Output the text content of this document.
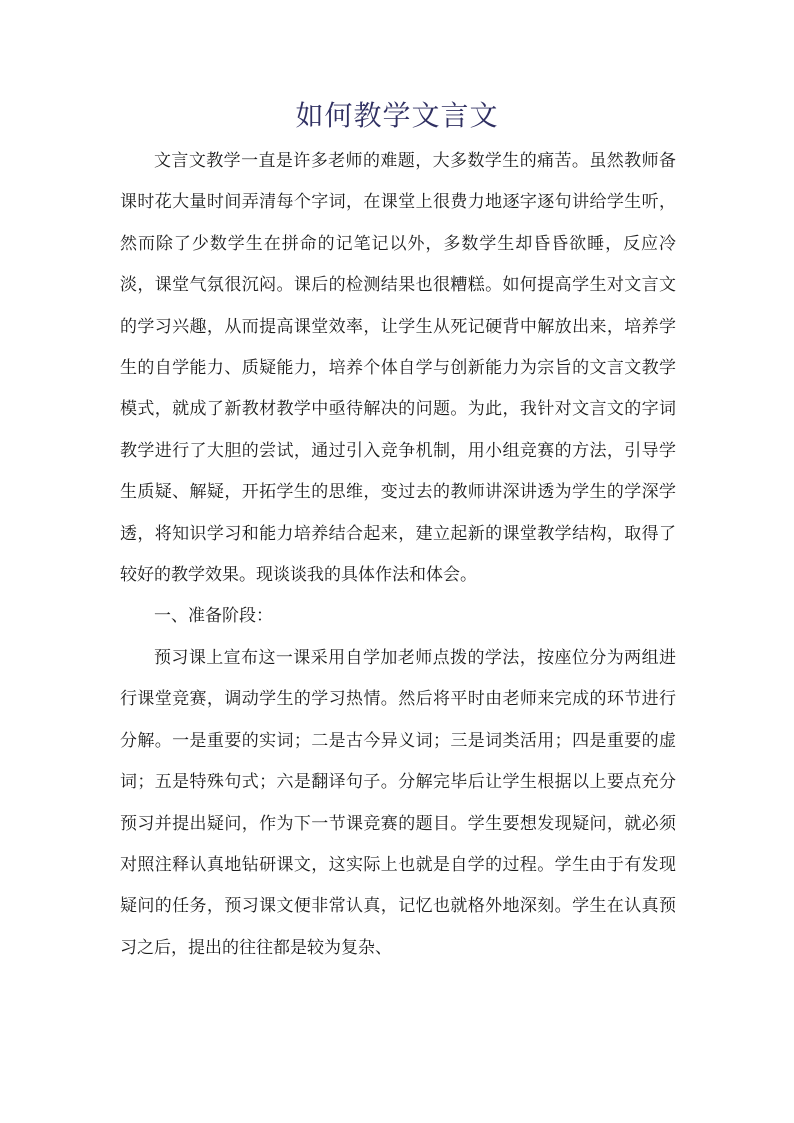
如何教学文言文

文言文教学一直是许多老师的难题，大多数学生的痛苦。虽然教师备课时花大量时间弄清每个字词，在课堂上很费力地逐字逐句讲给学生听，然而除了少数学生在拼命的记笔记以外，多数学生却昏昏欲睡，反应冷淡，课堂气氛很沉闷。课后的检测结果也很糟糕。如何提高学生对文言文的学习兴趣，从而提高课堂效率，让学生从死记硬背中解放出来，培养学生的自学能力、质疑能力，培养个体自学与创新能力为宗旨的文言文教学模式，就成了新教材教学中亟待解决的问题。为此，我针对文言文的字词教学进行了大胆的尝试，通过引入竞争机制，用小组竞赛的方法，引导学生质疑、解疑，开拓学生的思维，变过去的教师讲深讲透为学生的学深学透，将知识学习和能力培养结合起来，建立起新的课堂教学结构，取得了较好的教学效果。现谈谈我的具体作法和体会。

一、准备阶段：

预习课上宣布这一课采用自学加老师点拨的学法，按座位分为两组进行课堂竞赛，调动学生的学习热情。然后将平时由老师来完成的环节进行分解。一是重要的实词；二是古今异义词；三是词类活用；四是重要的虚词；五是特殊句式；六是翻译句子。分解完毕后让学生根据以上要点充分预习并提出疑问，作为下一节课竞赛的题目。学生要想发现疑问，就必须对照注释认真地钻研课文，这实际上也就是自学的过程。学生由于有发现疑问的任务，预习课文便非常认真，记忆也就格外地深刻。学生在认真预习之后，提出的往往都是较为复杂、
